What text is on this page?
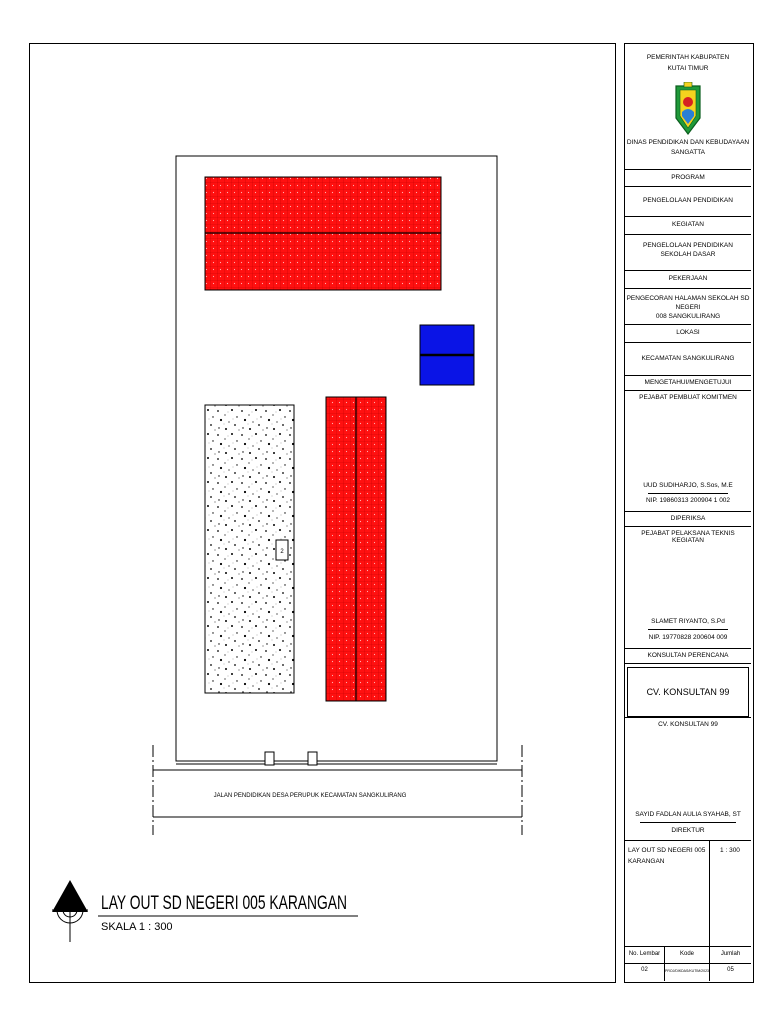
2
JALAN PENDIDIKAN DESA PERUPUK KECAMATAN SANGKULIRANG
LAY OUT SD NEGERI 005 KARANGAN
SKALA 1 : 300
PEMERINTAH KABUPATEN
KUTAI TIMUR
DINAS PENDIDIKAN DAN KEBUDAYAAN
SANGATTA
PROGRAM
PENGELOLAAN PENDIDIKAN
KEGIATAN
PENGELOLAAN PENDIDIKAN
SEKOLAH DASAR
PEKERJAAN
PENGECORAN HALAMAN SEKOLAH SD NEGERI
008 SANGKULIRANG
LOKASI
KECAMATAN SANGKULIRANG
MENGETAHUI/MENGETUJUI
PEJABAT PEMBUAT KOMITMEN
UUD SUDIHARJO, S.Sos, M.E
NIP. 19860313 200904 1 002
DIPERIKSA
PEJABAT PELAKSANA TEKNIS KEGIATAN
SLAMET RIYANTO, S.Pd
NIP. 19770828 200604 009
KONSULTAN PERENCANA
CV. KONSULTAN 99
CV. KONSULTAN 99
SAYID FADLAN AULIA SYAHAB, ST
DIREKTUR
LAY OUT SD NEGERI 005
KARANGAN
1 : 300
No. Lembar	Kode	Jumlah
02	PROJ/DIKDAS/KUTIM/2023	05
